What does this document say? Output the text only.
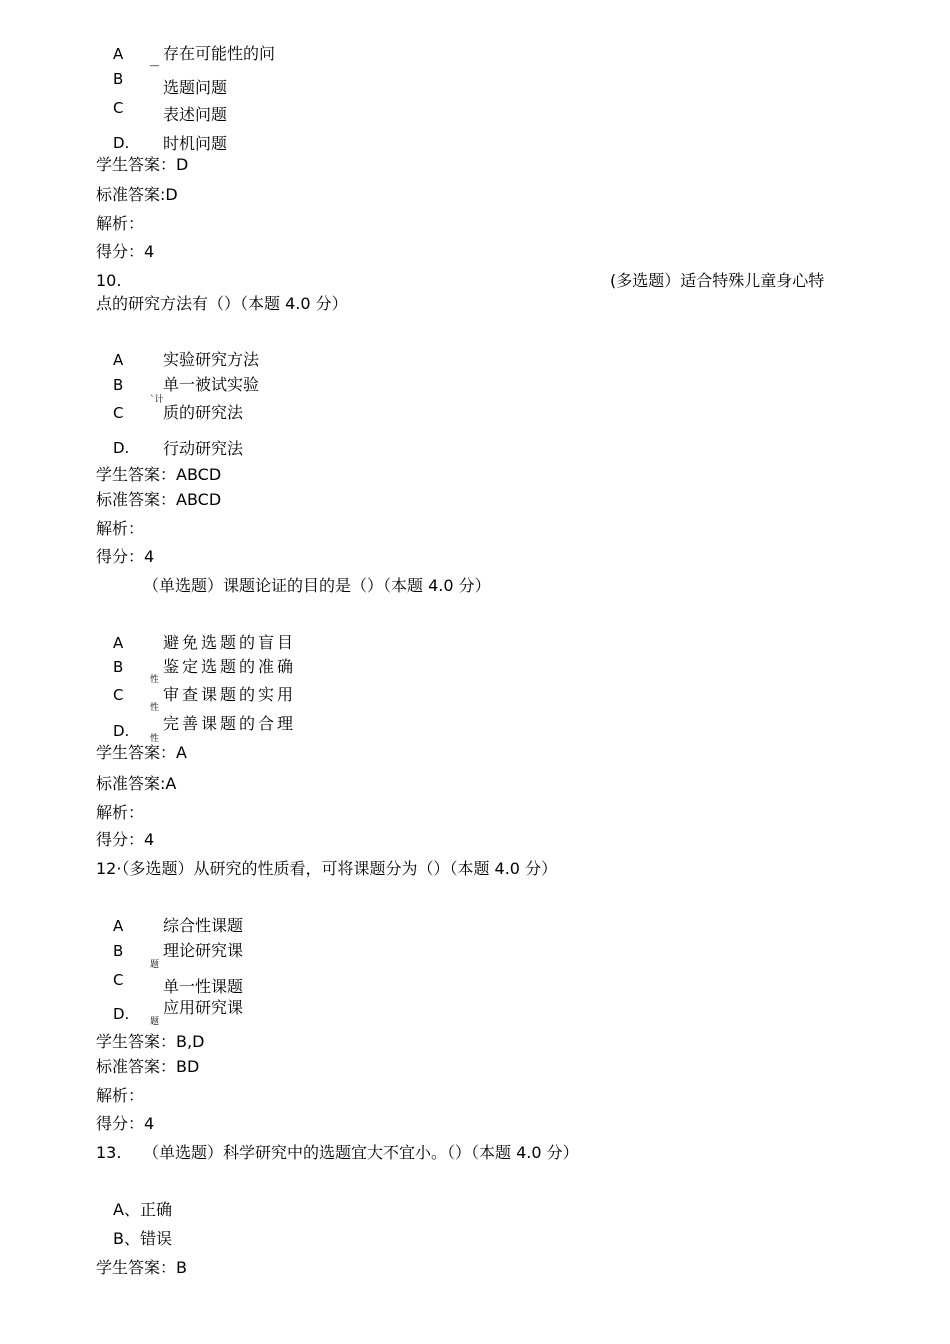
A 存在可能性的问
__
B 选题问题
C 表述问题
D. 时机问题
学生答案：D
标准答案:D
解析：
得分：4
10.	(多选题）适合特殊儿童身心特
点的研究方法有（）（本题 4.0 分）
A 实验研究方法
B 单一被试实验
`计
C 质的研究法
D. 行动研究法
学生答案：ABCD
标准答案：ABCD
解析：
得分：4
（单选题）课题论证的目的是（）（本题 4.0 分）
A 避免选题的盲目
B 鉴定选题的准确
性
C 审查课题的实用
性
D. 完善课题的合理
性
学生答案：A
标准答案:A
解析：
得分：4
12·（多选题）从研究的性质看，可将课题分为（）（本题 4.0 分）
A 综合性课题
B 理论研究课
题
C 单一性课题
D. 应用研究课
题
学生答案：B,D
标准答案：BD
解析：
得分：4
13. （单选题）科学研究中的选题宜大不宜小。（）（本题 4.0 分）
A、正确
B、错误
学生答案：B
